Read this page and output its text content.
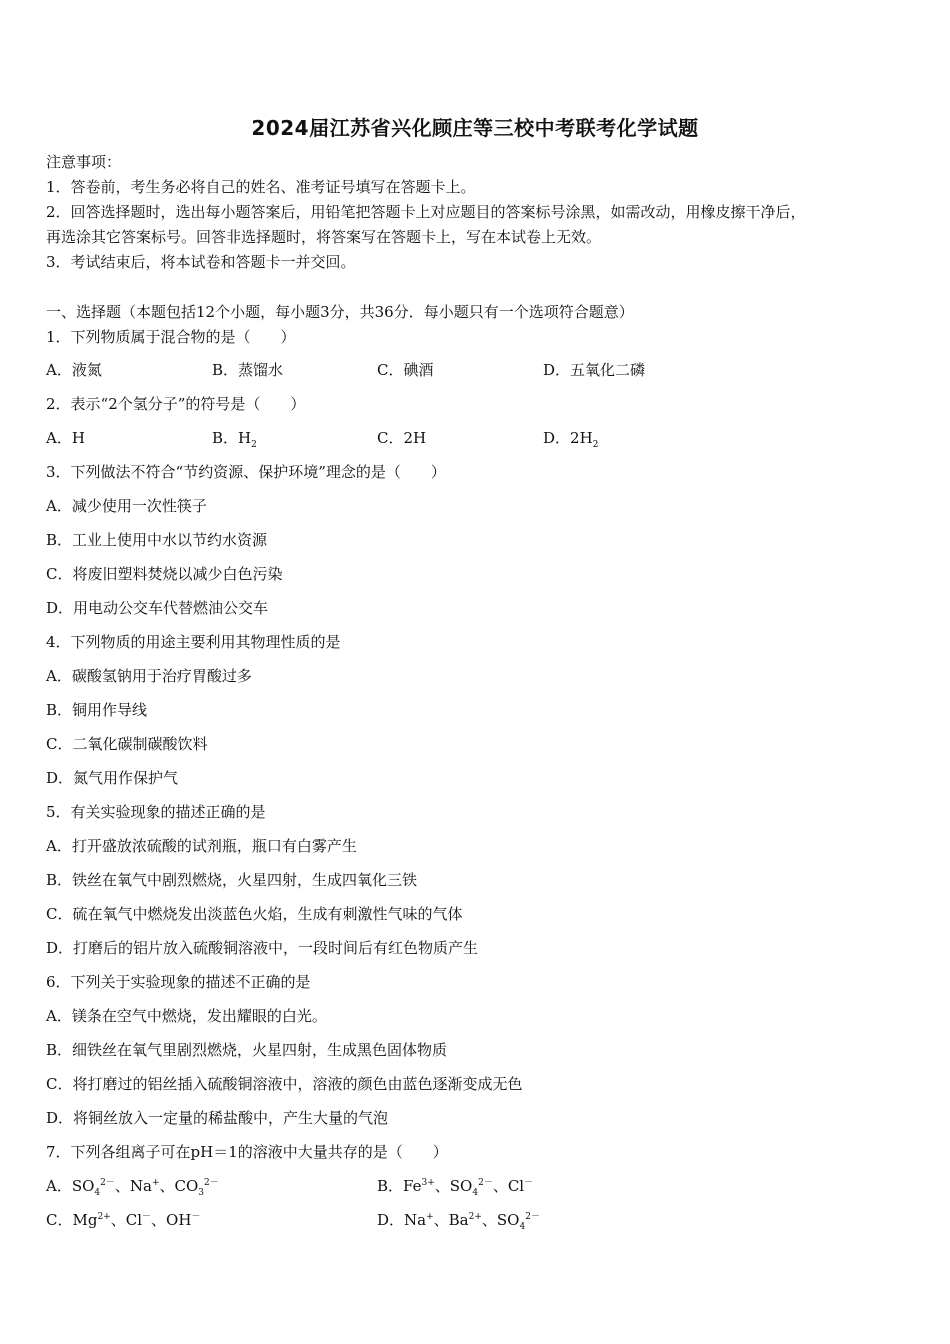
2024届江苏省兴化顾庄等三校中考联考化学试题
注意事项：
1．答卷前，考生务必将自己的姓名、准考证号填写在答题卡上。
2．回答选择题时，选出每小题答案后，用铅笔把答题卡上对应题目的答案标号涂黑，如需改动，用橡皮擦干净后，
再选涂其它答案标号。回答非选择题时，将答案写在答题卡上，写在本试卷上无效。
3．考试结束后，将本试卷和答题卡一并交回。
一、选择题（本题包括12个小题，每小题3分，共36分．每小题只有一个选项符合题意）
1．下列物质属于混合物的是（　　）
A．液氮	B．蒸馏水	C．碘酒	D．五氧化二磷
2．表示“2个氢分子”的符号是（　　）
A．H	B．$H_2$	C．2H	D．$2H_2$
3．下列做法不符合“节约资源、保护环境”理念的是（　　）
A．减少使用一次性筷子
B．工业上使用中水以节约水资源
C．将废旧塑料焚烧以减少白色污染
D．用电动公交车代替燃油公交车
4．下列物质的用途主要利用其物理性质的是
A．碳酸氢钠用于治疗胃酸过多
B．铜用作导线
C．二氧化碳制碳酸饮料
D．氮气用作保护气
5．有关实验现象的描述正确的是
A．打开盛放浓硫酸的试剂瓶，瓶口有白雾产生
B．铁丝在氧气中剧烈燃烧，火星四射，生成四氧化三铁
C．硫在氧气中燃烧发出淡蓝色火焰，生成有刺激性气味的气体
D．打磨后的铝片放入硫酸铜溶液中，一段时间后有红色物质产生
6．下列关于实验现象的描述不正确的是
A．镁条在空气中燃烧，发出耀眼的白光。
B．细铁丝在氧气里剧烈燃烧，火星四射，生成黑色固体物质
C．将打磨过的铝丝插入硫酸铜溶液中，溶液的颜色由蓝色逐渐变成无色
D．将铜丝放入一定量的稀盐酸中，产生大量的气泡
7．下列各组离子可在pH＝1的溶液中大量共存的是（　　）
A．$SO_4^{2-}$、Na+、$CO_3^{2-}$	B．$Fe^{3+}$、$SO_4^{2-}$、Cl－
C．$Mg^{2+}$、Cl－、OH－	D．Na+、$Ba^{2+}$、$SO_4^{2-}$
